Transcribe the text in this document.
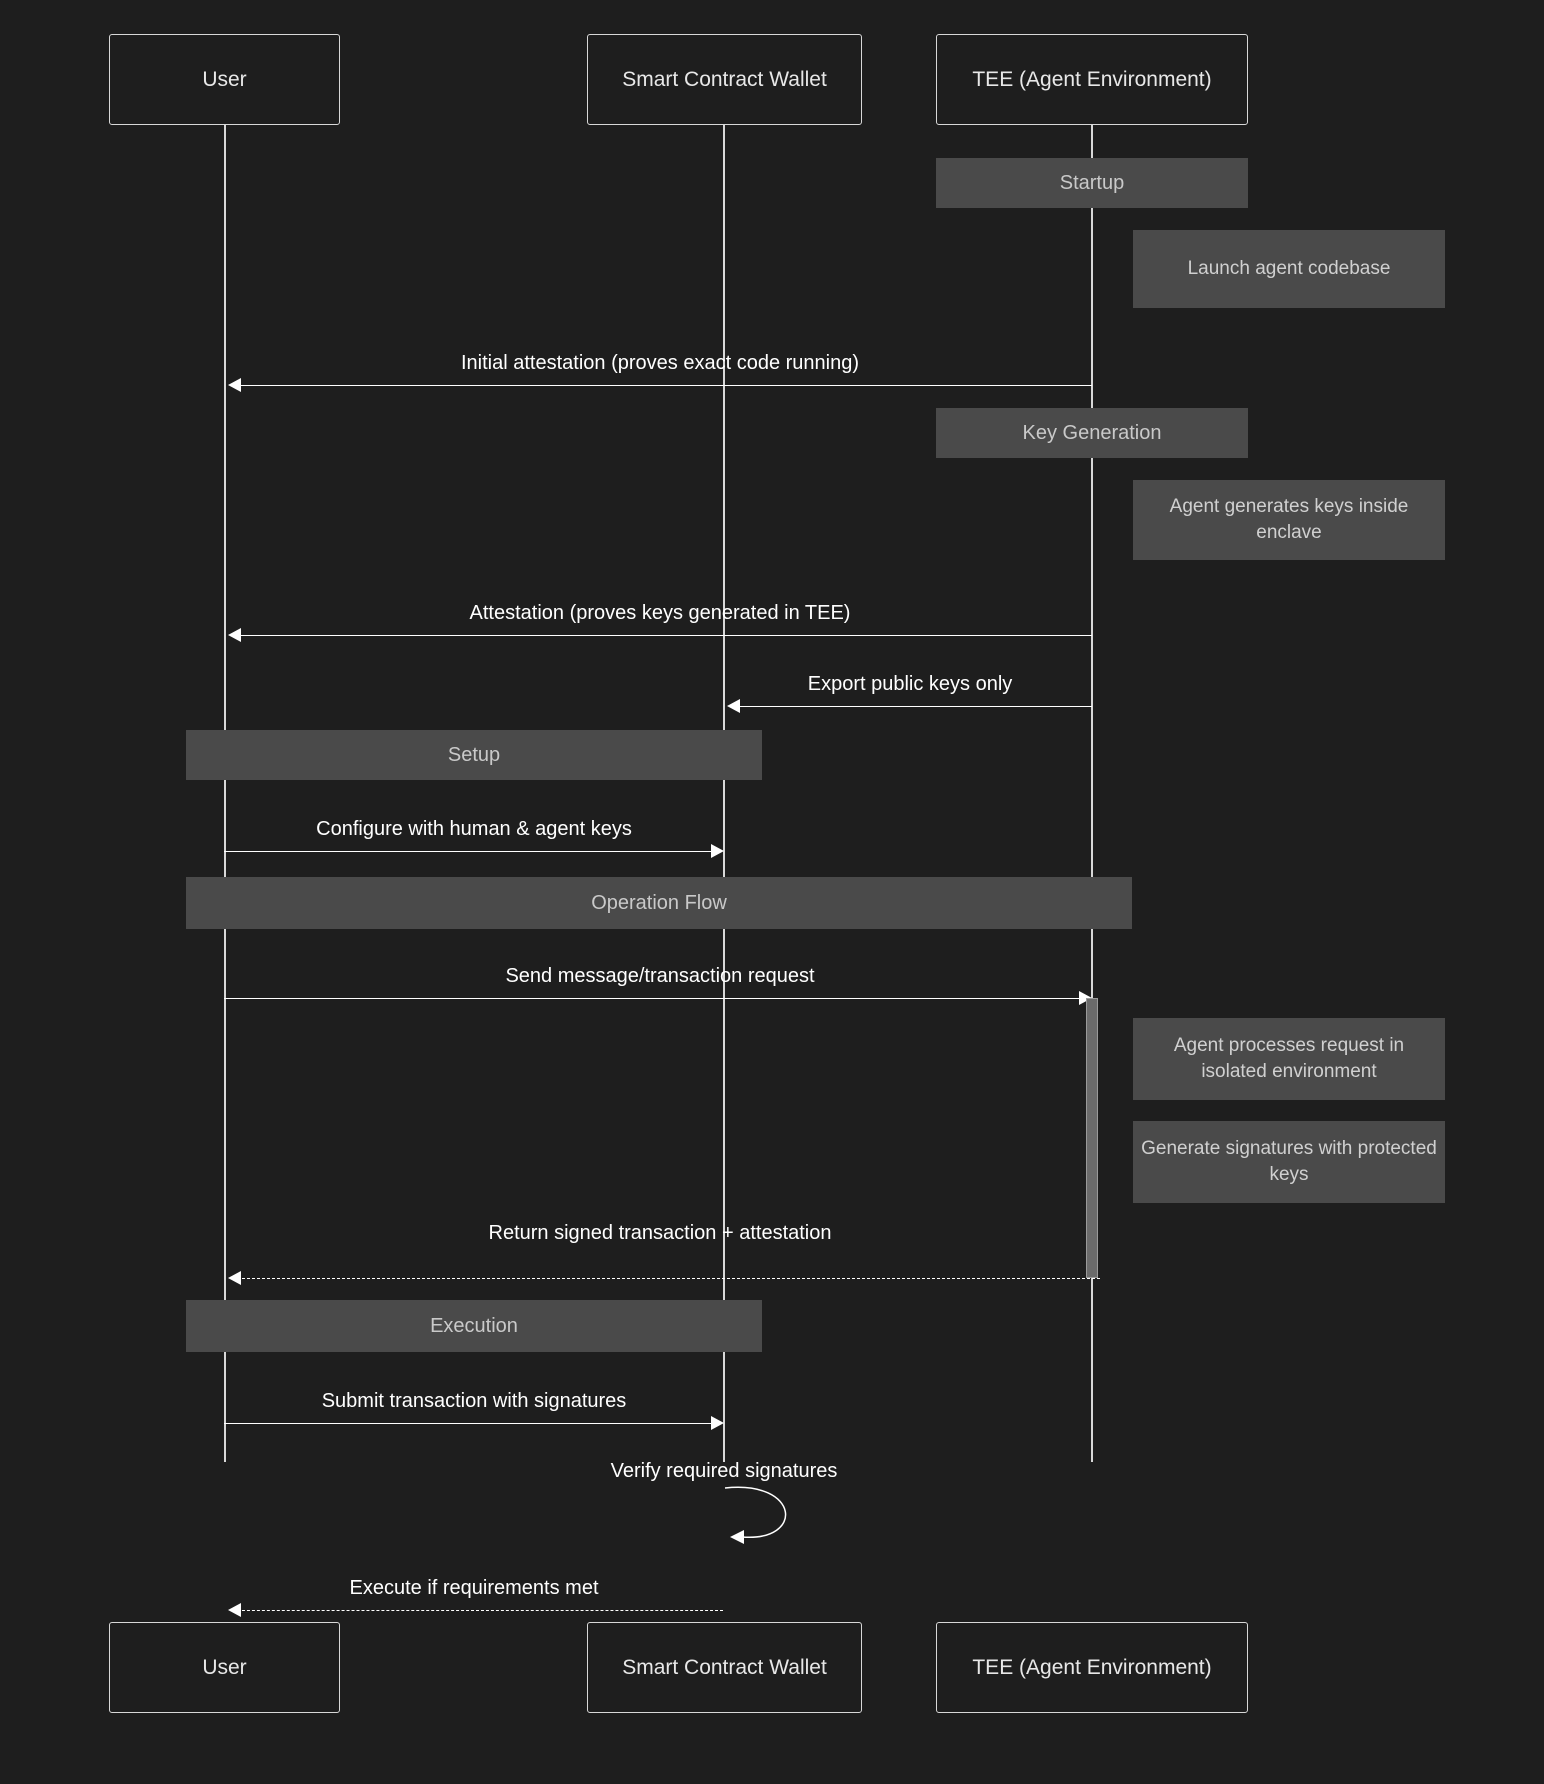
User	Smart Contract Wallet	TEE (Agent Environment)
Startup
Launch agent codebase
Initial attestation (proves exact code running)
Key Generation
Agent generates keys inside enclave
Attestation (proves keys generated in TEE)
Export public keys only
Setup
Configure with human & agent keys
Operation Flow
Send message/transaction request
Agent processes request in isolated environment
Generate signatures with protected keys
Return signed transaction + attestation
Execution
Submit transaction with signatures
Verify required signatures
Execute if requirements met
User	Smart Contract Wallet	TEE (Agent Environment)
